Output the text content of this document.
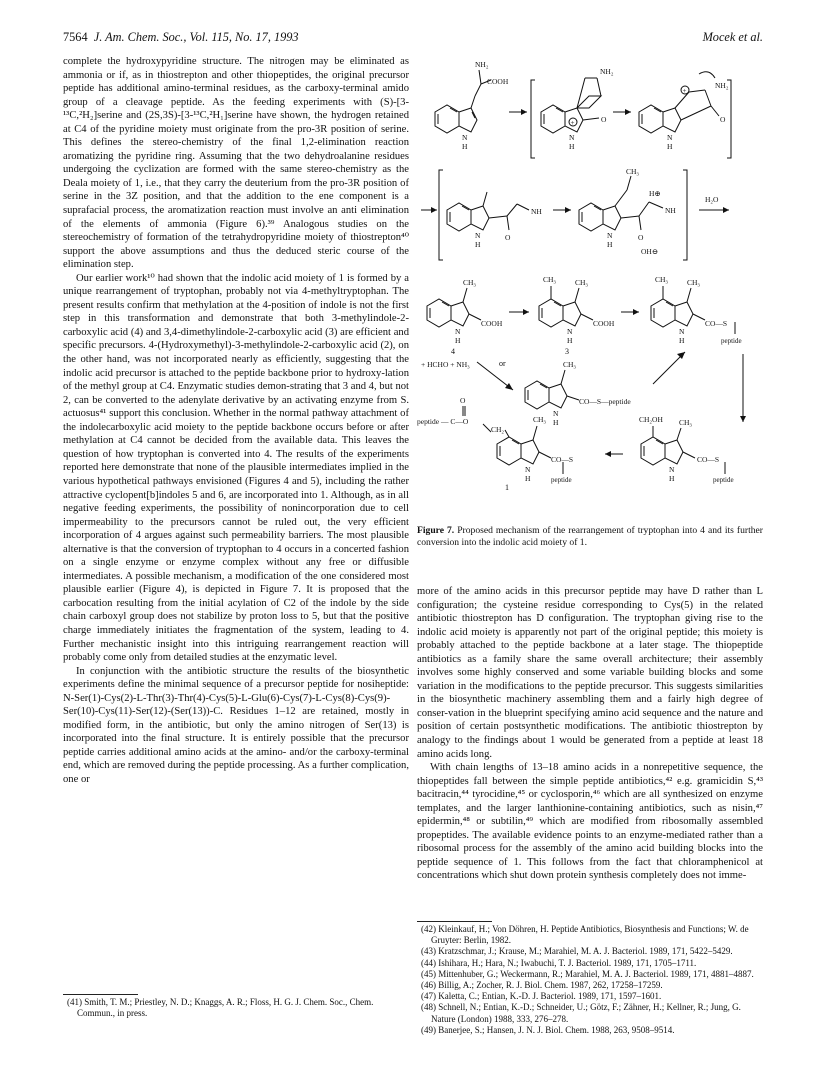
7564 J. Am. Chem. Soc., Vol. 115, No. 17, 1993	Mocek et al.

complete the hydroxypyridine structure. The nitrogen may be eliminated as ammonia or if, as in thiostrepton and other thiopeptides, the original precursor peptide has additional amino-terminal residues, as the carboxy-terminal amido group of a cleavage peptide. As the feeding experiments with (S)-[3-¹³C,²H₂]serine and (2S,3S)-[3-¹³C,²H₁]serine have shown, the hydrogen retained at C4 of the pyridine moiety must originate from the pro-3R position of serine. This defines the stereo-chemistry of the final 1,2-elimination reaction aromatizing the pyridine ring. Assuming that the two dehydroalanine residues undergoing the cyclization are formed with the same stereo-chemistry as the Deala moiety of 1, i.e., that they carry the deuterium from the pro-3R position of serine in the 3Z position, and that the addition to the ene component is a suprafacial process, the aromatization reaction must involve an anti elimination of the elements of ammonia (Figure 6).³⁹ Analogous studies on the stereochemistry of formation of the tetrahydropyridine moiety of thiostrepton⁴⁰ support the above assumptions and thus the deduced steric course of the elimination step.

Our earlier work¹⁰ had shown that the indolic acid moiety of 1 is formed by a unique rearrangement of tryptophan, probably not via 4-methyltryptophan. The present results confirm that methylation at the 4-position of indole is not the first step in this transformation and demonstrate that both 3-methylindole-2-carboxylic acid (4) and 3,4-dimethylindole-2-carboxylic acid (3) are efficient and specific precursors. 4-(Hydroxymethyl)-3-methylindole-2-carboxylic acid (2), on the other hand, was not incorporated nearly as efficiently, suggesting that the indolic acid precursor is attached to the peptide backbone prior to hydroxy-lation of the methyl group at C4. Enzymatic studies demon-strating that 3 and 4, but not 2, can be converted to the adenylate derivative by an activating enzyme from S. actuosus⁴¹ support this conclusion. Whether in the normal pathway attachment of the indolecarboxylic acid moiety to the peptide backbone occurs before or after methylation at C4 cannot be decided from the available data. This leaves the question of how tryptophan is converted into 4. The results of the experiments reported here demonstrate that none of the plausible intermediates implied in the various hypothetical pathways envisioned (Figures 4 and 5), including the rather attractive cyclopent[b]indoles 5 and 6, are incorporated into 1. Although, as in all negative feeding experiments, the possibility of nonincorporation due to cell impermeability to the precursors cannot be ruled out, the very efficient incorporation of 4 argues against such permeability barriers. The most plausible alternative is that the conversion of tryptophan to 4 occurs in a concerted fashion on a single enzyme or enzyme complex without any free or diffusible intermediates. A possible mechanism, a modification of the one considered most plausible earlier (Figure 4), is depicted in Figure 7. It is proposed that the carbocation resulting from the initial acylation of C2 of the indole by the side chain carboxyl group does not stabilize by proton loss to 5, but that the positive charge immediately initiates the fragmentation of the system, leading to 4. Further mechanistic insight into this intriguing rearrangement reaction will probably come only from detailed studies at the enzymatic level.

In conjunction with the antibiotic structure the results of the biosynthetic experiments define the minimal sequence of a precursor peptide for nosiheptide: N-Ser(1)-Cys(2)-L-Thr(3)-Thr(4)-Cys(5)-L-Glu(6)-Cys(7)-L-Cys(8)-Cys(9)-Ser(10)-Cys(11)-Ser(12)-(Ser(13))-C. Residues 1–12 are retained, mostly in modified form, in the antibiotic, but only the amino nitrogen of Ser(13) is incorporated into the final structure. It is entirely possible that the precursor peptide carries additional amino acids at the amino- and/or the carboxy-terminal end, which are removed during the peptide processing. As a further complication, one or

(41) Smith, T. M.; Priestley, N. D.; Knaggs, A. R.; Floss, H. G. J. Chem. Soc., Chem. Commun., in press.
NH₂
COOH
N
H
+
NH₂
O
N
H
+
NH₂
O
N
H
NH
O
N
H
CH₃
H⊕
NH
O
OH⊖
N
H
H₂O
CH₃
COOH
N
H
4
+ HCHO + NH₃
CH₃	CH₃
COOH
N
H
3
CH₃	CH₃
CO—S
peptide
N
H
or	CH₃
CO—S—peptide
N
H
O
peptide — C—O
CH₂
CH₃
CO—S
peptide
N
H
1
CH₂OH CH₃
CO—S
peptide
N
H
Figure 7. Proposed mechanism of the rearrangement of tryptophan into 4 and its further conversion into the indolic acid moiety of 1.

more of the amino acids in this precursor peptide may have D rather than L configuration; the cysteine residue corresponding to Cys(5) in the related antibiotic thiostrepton has D configuration. The tryptophan giving rise to the indolic acid moiety is apparently not part of the original peptide; this moiety is probably attached to the peptide backbone at a later stage. The thiopeptide antibiotics as a family share the same overall architecture; their assembly involves some highly conserved and some variable building blocks and some variation in the modifications to the peptide precursor. This suggests similarities in the biosynthetic machinery assembling them and a fairly high degree of conser-vation in the blueprint specifying amino acid sequence and the nature and position of certain postsynthetic modifications. The antibiotic thiostrepton by analogy to the findings about 1 would be generated from a peptide at least 18 amino acids long.

With chain lengths of 13–18 amino acids in a nonrepetitive sequence, the thiopeptides fall between the simple peptide antibiotics,⁴² e.g. gramicidin S,⁴³ bacitracin,⁴⁴ tyrocidine,⁴⁵ or cyclosporin,⁴⁶ which are all synthesized on enzyme templates, and the larger lanthionine-containing antibiotics, such as nisin,⁴⁷ epidermin,⁴⁸ or subtilin,⁴⁹ which are modified from ribosomally assembled propeptides. The available evidence points to an enzyme-mediated rather than a ribosomal process for the assembly of the amino acid building blocks into the peptide sequence of 1. This follows from the fact that chloramphenicol at concentrations which shut down protein synthesis completely does not imme-

(42) Kleinkauf, H.; Von Döhren, H. Peptide Antibiotics, Biosynthesis and Functions; W. de Gruyter: Berlin, 1982.
(43) Kratzschmar, J.; Krause, M.; Marahiel, M. A. J. Bacteriol. 1989, 171, 5422–5429.
(44) Ishihara, H.; Hara, N.; Iwabuchi, T. J. Bacteriol. 1989, 171, 1705–1711.
(45) Mittenhuber, G.; Weckermann, R.; Marahiel, M. A. J. Bacteriol. 1989, 171, 4881–4887.
(46) Billig, A.; Zocher, R. J. Biol. Chem. 1987, 262, 17258–17259.
(47) Kaletta, C.; Entian, K.-D. J. Bacteriol. 1989, 171, 1597–1601.
(48) Schnell, N.; Entian, K.-D.; Schneider, U.; Götz, F.; Zähner, H.; Kellner, R.; Jung, G. Nature (London) 1988, 333, 276–278.
(49) Banerjee, S.; Hansen, J. N. J. Biol. Chem. 1988, 263, 9508–9514.
